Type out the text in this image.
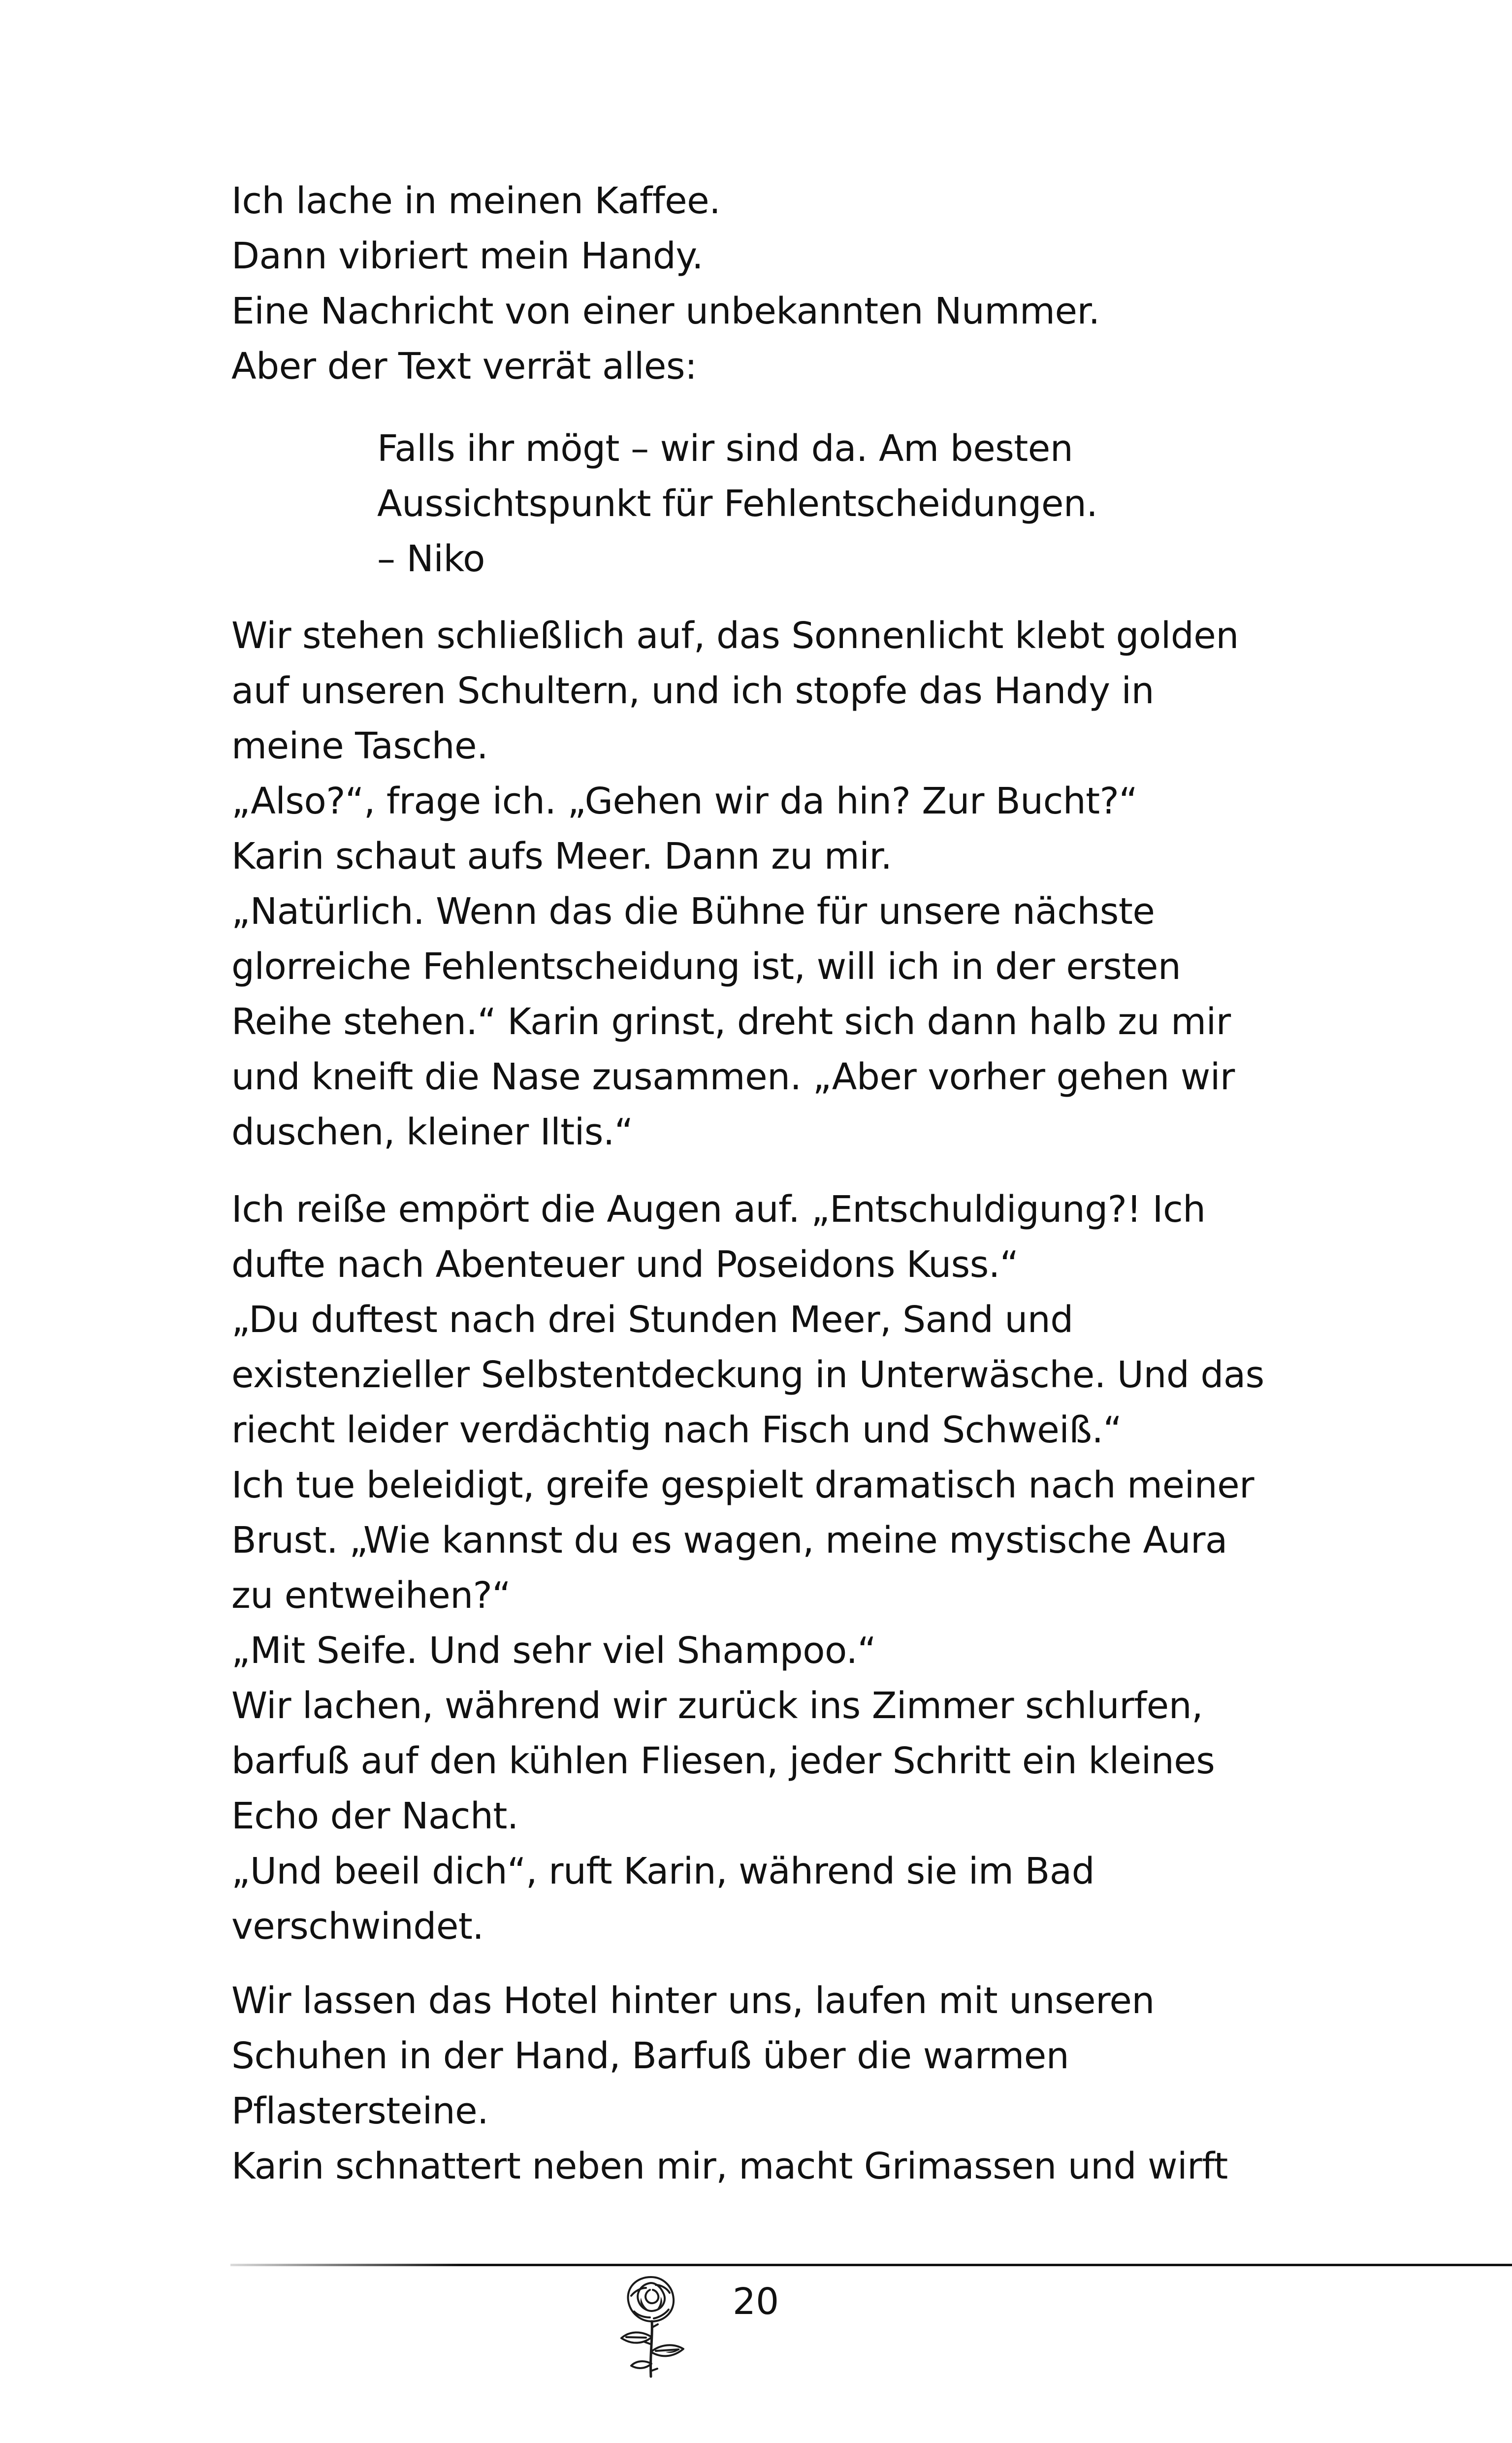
Ich lache in meinen Kaffee.
Dann vibriert mein Handy.
Eine Nachricht von einer unbekannten Nummer.
Aber der Text verrät alles:
Falls ihr mögt – wir sind da. Am besten
Aussichtspunkt für Fehlentscheidungen.
– Niko
Wir stehen schließlich auf, das Sonnenlicht klebt golden
auf unseren Schultern, und ich stopfe das Handy in
meine Tasche.
„Also?“, frage ich. „Gehen wir da hin? Zur Bucht?“
Karin schaut aufs Meer. Dann zu mir.
„Natürlich. Wenn das die Bühne für unsere nächste
glorreiche Fehlentscheidung ist, will ich in der ersten
Reihe stehen.“ Karin grinst, dreht sich dann halb zu mir
und kneift die Nase zusammen. „Aber vorher gehen wir
duschen, kleiner Iltis.“
Ich reiße empört die Augen auf. „Entschuldigung?! Ich
dufte nach Abenteuer und Poseidons Kuss.“
„Du duftest nach drei Stunden Meer, Sand und
existenzieller Selbstentdeckung in Unterwäsche. Und das
riecht leider verdächtig nach Fisch und Schweiß.“
Ich tue beleidigt, greife gespielt dramatisch nach meiner
Brust. „Wie kannst du es wagen, meine mystische Aura
zu entweihen?“
„Mit Seife. Und sehr viel Shampoo.“
Wir lachen, während wir zurück ins Zimmer schlurfen,
barfuß auf den kühlen Fliesen, jeder Schritt ein kleines
Echo der Nacht.
„Und beeil dich“, ruft Karin, während sie im Bad
verschwindet.
Wir lassen das Hotel hinter uns, laufen mit unseren
Schuhen in der Hand, Barfuß über die warmen
Pflastersteine.
Karin schnattert neben mir, macht Grimassen und wirft
20
